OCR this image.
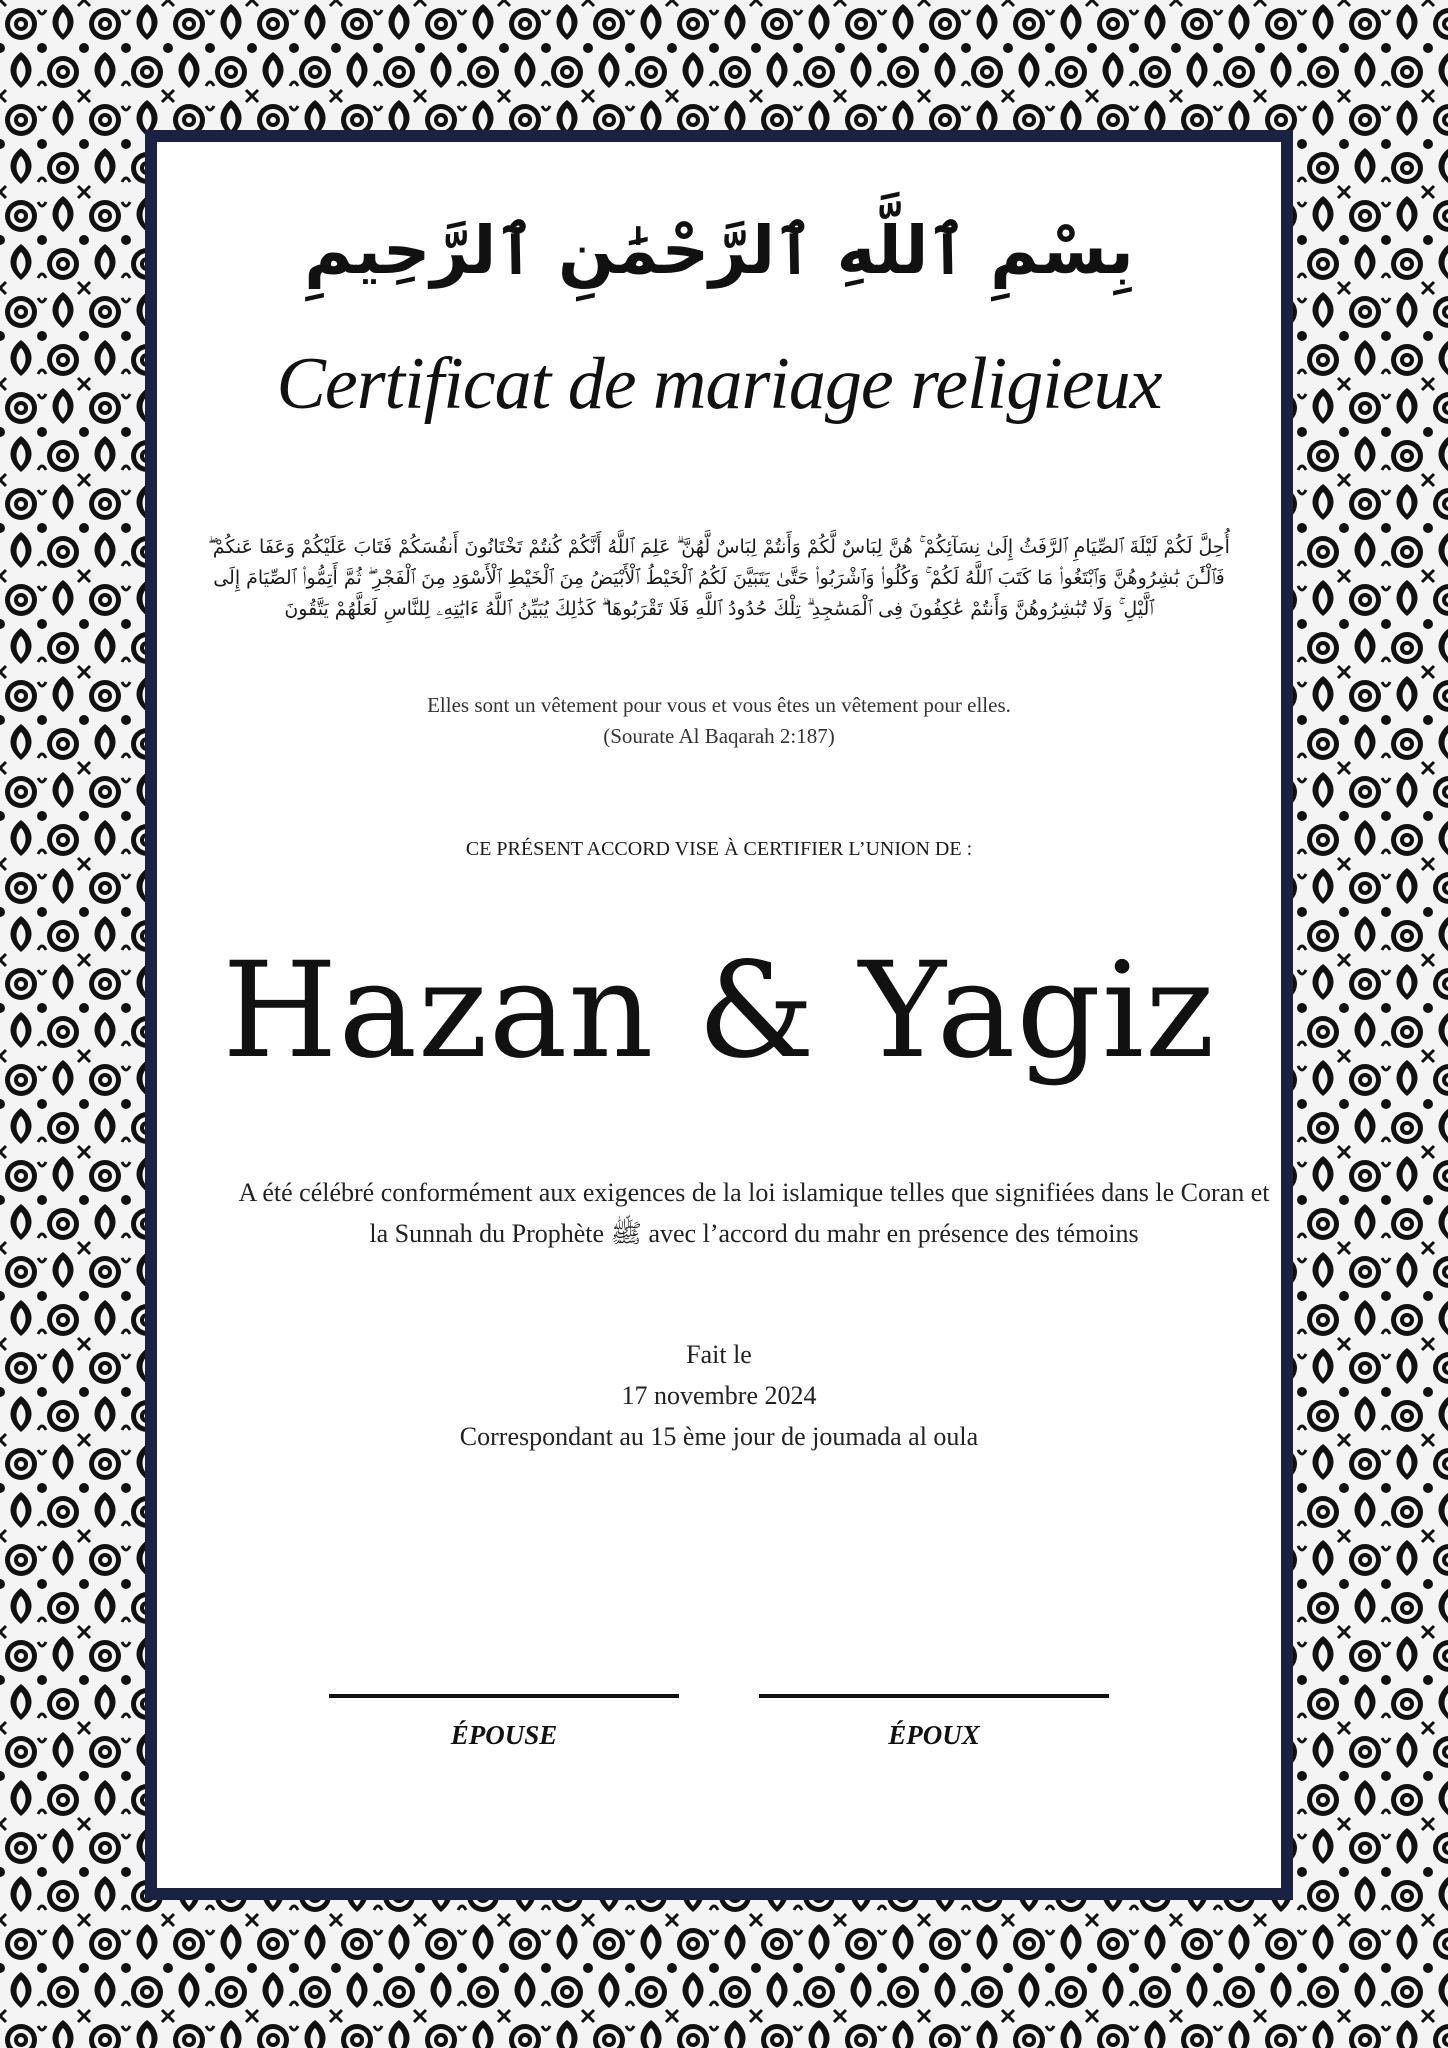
بِسْمِ ٱللَّهِ ٱلرَّحْمَٰنِ ٱلرَّحِيمِ
Certificat de mariage religieux
أُحِلَّ لَكُمْ لَيْلَةَ ٱلصِّيَامِ ٱلرَّفَثُ إِلَىٰ نِسَآئِكُمْ ۚ هُنَّ لِبَاسٌ لَّكُمْ وَأَنتُمْ لِبَاسٌ لَّهُنَّ ۗ عَلِمَ ٱللَّهُ أَنَّكُمْ كُنتُمْ تَخْتَانُونَ أَنفُسَكُمْ فَتَابَ عَلَيْكُمْ وَعَفَا عَنكُمْ ۖ فَٱلْـَٰٔنَ بَٰشِرُوهُنَّ وَٱبْتَغُوا۟ مَا كَتَبَ ٱللَّهُ لَكُمْ ۚ وَكُلُوا۟ وَٱشْرَبُوا۟ حَتَّىٰ يَتَبَيَّنَ لَكُمُ ٱلْخَيْطُ ٱلْأَبْيَضُ مِنَ ٱلْخَيْطِ ٱلْأَسْوَدِ مِنَ ٱلْفَجْرِ ۖ ثُمَّ أَتِمُّوا۟ ٱلصِّيَامَ إِلَى ٱلَّيْلِ ۚ وَلَا تُبَٰشِرُوهُنَّ وَأَنتُمْ عَٰكِفُونَ فِى ٱلْمَسَٰجِدِ ۗ تِلْكَ حُدُودُ ٱللَّهِ فَلَا تَقْرَبُوهَا ۗ كَذَٰلِكَ يُبَيِّنُ ٱللَّهُ ءَايَٰتِهِۦ لِلنَّاسِ لَعَلَّهُمْ يَتَّقُونَ
Elles sont un vêtement pour vous et vous êtes un vêtement pour elles.
(Sourate Al Baqarah 2:187)
CE PRÉSENT ACCORD VISE À CERTIFIER L’UNION DE :
Hazan & Yagiz
A été célébré conformément aux exigences de la loi islamique telles que signifiées dans le Coran et la Sunnah du Prophète ﷺ avec l’accord du mahr en présence des témoins
Fait le
17 novembre 2024
Correspondant au 15 ème jour de joumada al oula
ÉPOUSE	ÉPOUX
